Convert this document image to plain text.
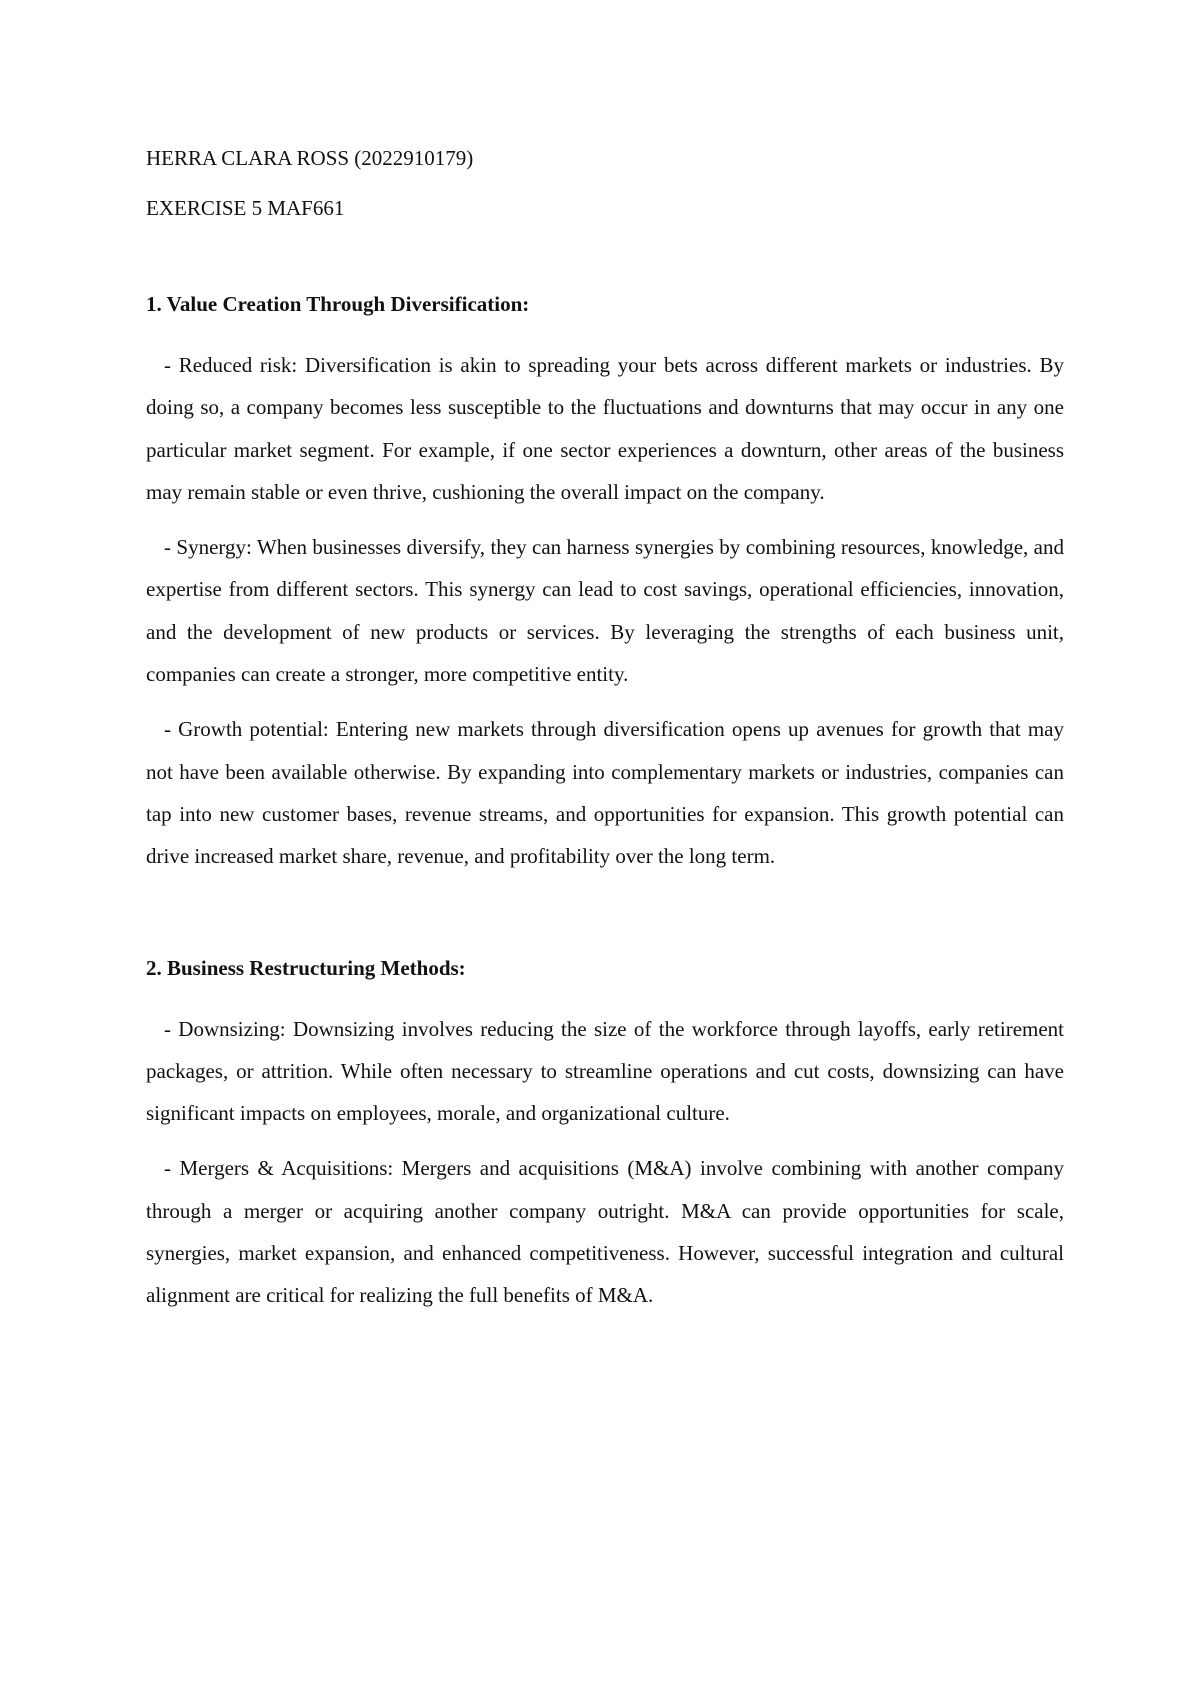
HERRA CLARA ROSS (2022910179)

EXERCISE 5 MAF661

1. Value Creation Through Diversification:

- Reduced risk: Diversification is akin to spreading your bets across different markets or industries. By doing so, a company becomes less susceptible to the fluctuations and downturns that may occur in any one particular market segment. For example, if one sector experiences a downturn, other areas of the business may remain stable or even thrive, cushioning the overall impact on the company.

- Synergy: When businesses diversify, they can harness synergies by combining resources, knowledge, and expertise from different sectors. This synergy can lead to cost savings, operational efficiencies, innovation, and the development of new products or services. By leveraging the strengths of each business unit, companies can create a stronger, more competitive entity.

- Growth potential: Entering new markets through diversification opens up avenues for growth that may not have been available otherwise. By expanding into complementary markets or industries, companies can tap into new customer bases, revenue streams, and opportunities for expansion. This growth potential can drive increased market share, revenue, and profitability over the long term.

2. Business Restructuring Methods:

- Downsizing: Downsizing involves reducing the size of the workforce through layoffs, early retirement packages, or attrition. While often necessary to streamline operations and cut costs, downsizing can have significant impacts on employees, morale, and organizational culture.

- Mergers & Acquisitions: Mergers and acquisitions (M&A) involve combining with another company through a merger or acquiring another company outright. M&A can provide opportunities for scale, synergies, market expansion, and enhanced competitiveness. However, successful integration and cultural alignment are critical for realizing the full benefits of M&A.
